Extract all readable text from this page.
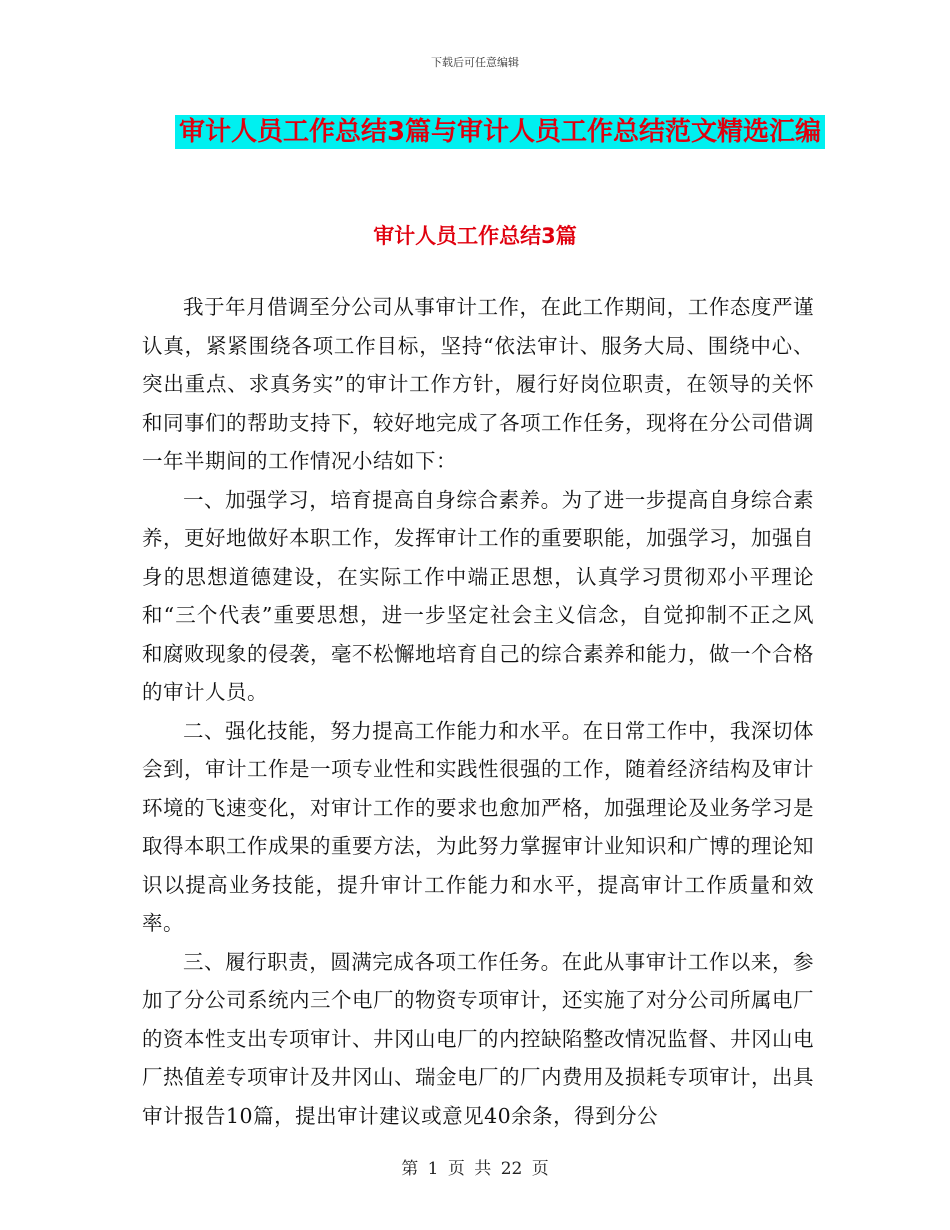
下载后可任意编辑
审计人员工作总结3篇与审计人员工作总结范文精选汇编
审计人员工作总结3篇

我于年月借调至分公司从事审计工作，在此工作期间，工作态度严谨认真，紧紧围绕各项工作目标，坚持“依法审计、服务大局、围绕中心、突出重点、求真务实”的审计工作方针，履行好岗位职责，在领导的关怀和同事们的帮助支持下，较好地完成了各项工作任务，现将在分公司借调一年半期间的工作情况小结如下：

一、加强学习，培育提高自身综合素养。为了进一步提高自身综合素养，更好地做好本职工作，发挥审计工作的重要职能，加强学习，加强自身的思想道德建设，在实际工作中端正思想，认真学习贯彻邓小平理论和“三个代表”重要思想，进一步坚定社会主义信念，自觉抑制不正之风和腐败现象的侵袭，毫不松懈地培育自己的综合素养和能力，做一个合格的审计人员。

二、强化技能，努力提高工作能力和水平。在日常工作中，我深切体会到，审计工作是一项专业性和实践性很强的工作，随着经济结构及审计环境的飞速变化，对审计工作的要求也愈加严格，加强理论及业务学习是取得本职工作成果的重要方法，为此努力掌握审计业知识和广博的理论知识以提高业务技能，提升审计工作能力和水平，提高审计工作质量和效率。

三、履行职责，圆满完成各项工作任务。在此从事审计工作以来，参加了分公司系统内三个电厂的物资专项审计，还实施了对分公司所属电厂的资本性支出专项审计、井冈山电厂的内控缺陷整改情况监督、井冈山电厂热值差专项审计及井冈山、瑞金电厂的厂内费用及损耗专项审计，出具审计报告10篇，提出审计建议或意见40余条，得到分公

第 1 页 共 22 页
